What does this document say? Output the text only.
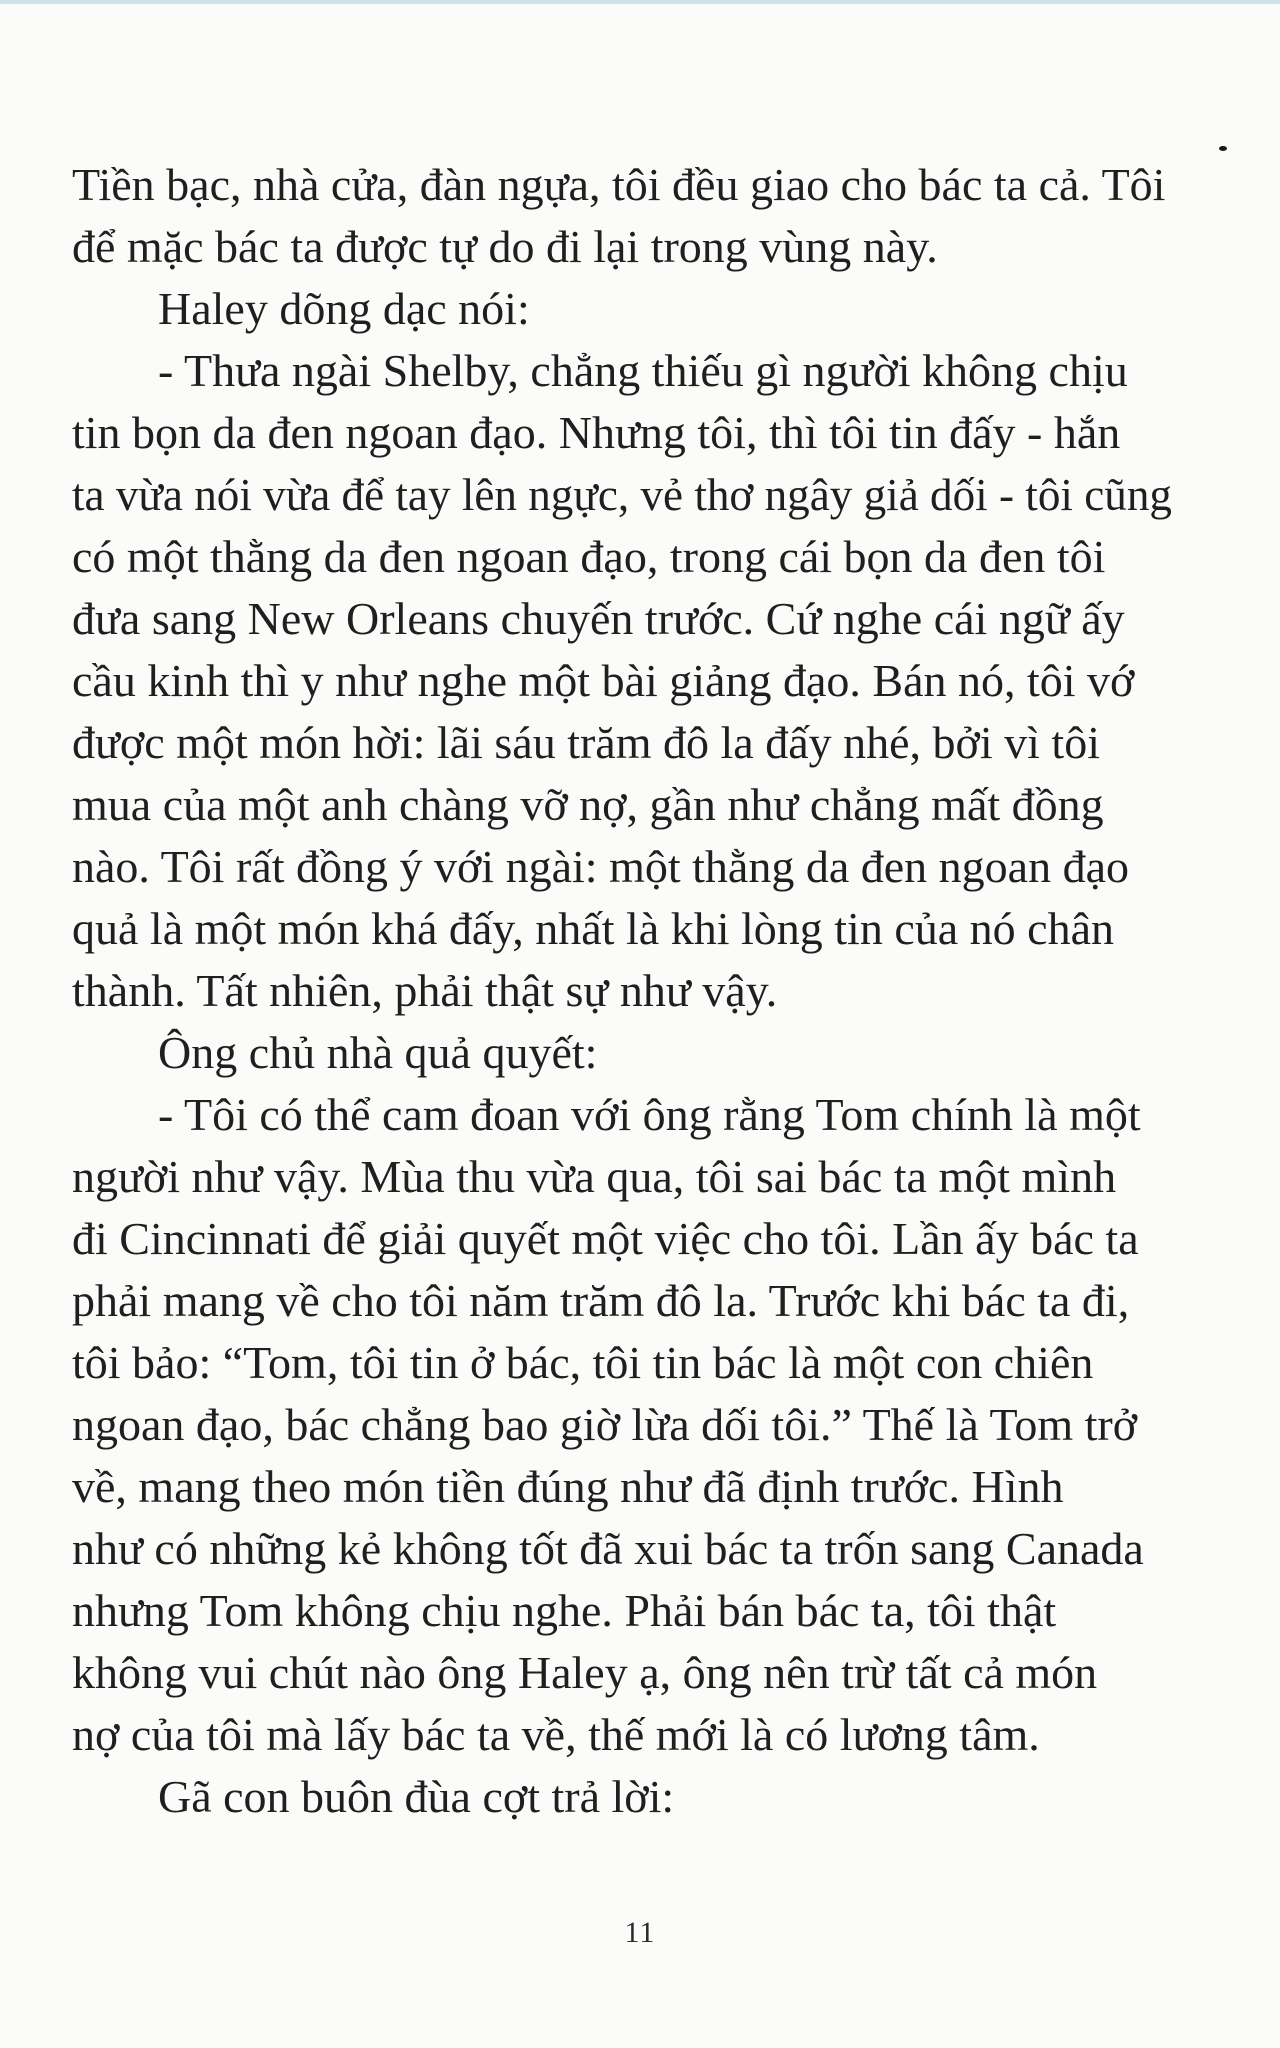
Tiền bạc, nhà cửa, đàn ngựa, tôi đều giao cho bác ta cả. Tôi
để mặc bác ta được tự do đi lại trong vùng này.
Haley dõng dạc nói:
- Thưa ngài Shelby, chẳng thiếu gì người không chịu
tin bọn da đen ngoan đạo. Nhưng tôi, thì tôi tin đấy - hắn
ta vừa nói vừa để tay lên ngực, vẻ thơ ngây giả dối - tôi cũng
có một thằng da đen ngoan đạo, trong cái bọn da đen tôi
đưa sang New Orleans chuyến trước. Cứ nghe cái ngữ ấy
cầu kinh thì y như nghe một bài giảng đạo. Bán nó, tôi vớ
được một món hời: lãi sáu trăm đô la đấy nhé, bởi vì tôi
mua của một anh chàng vỡ nợ, gần như chẳng mất đồng
nào. Tôi rất đồng ý với ngài: một thằng da đen ngoan đạo
quả là một món khá đấy, nhất là khi lòng tin của nó chân
thành. Tất nhiên, phải thật sự như vậy.
Ông chủ nhà quả quyết:
- Tôi có thể cam đoan với ông rằng Tom chính là một
người như vậy. Mùa thu vừa qua, tôi sai bác ta một mình
đi Cincinnati để giải quyết một việc cho tôi. Lần ấy bác ta
phải mang về cho tôi năm trăm đô la. Trước khi bác ta đi,
tôi bảo: “Tom, tôi tin ở bác, tôi tin bác là một con chiên
ngoan đạo, bác chẳng bao giờ lừa dối tôi.” Thế là Tom trở
về, mang theo món tiền đúng như đã định trước. Hình
như có những kẻ không tốt đã xui bác ta trốn sang Canada
nhưng Tom không chịu nghe. Phải bán bác ta, tôi thật
không vui chút nào ông Haley ạ, ông nên trừ tất cả món
nợ của tôi mà lấy bác ta về, thế mới là có lương tâm.
Gã con buôn đùa cợt trả lời:
11
